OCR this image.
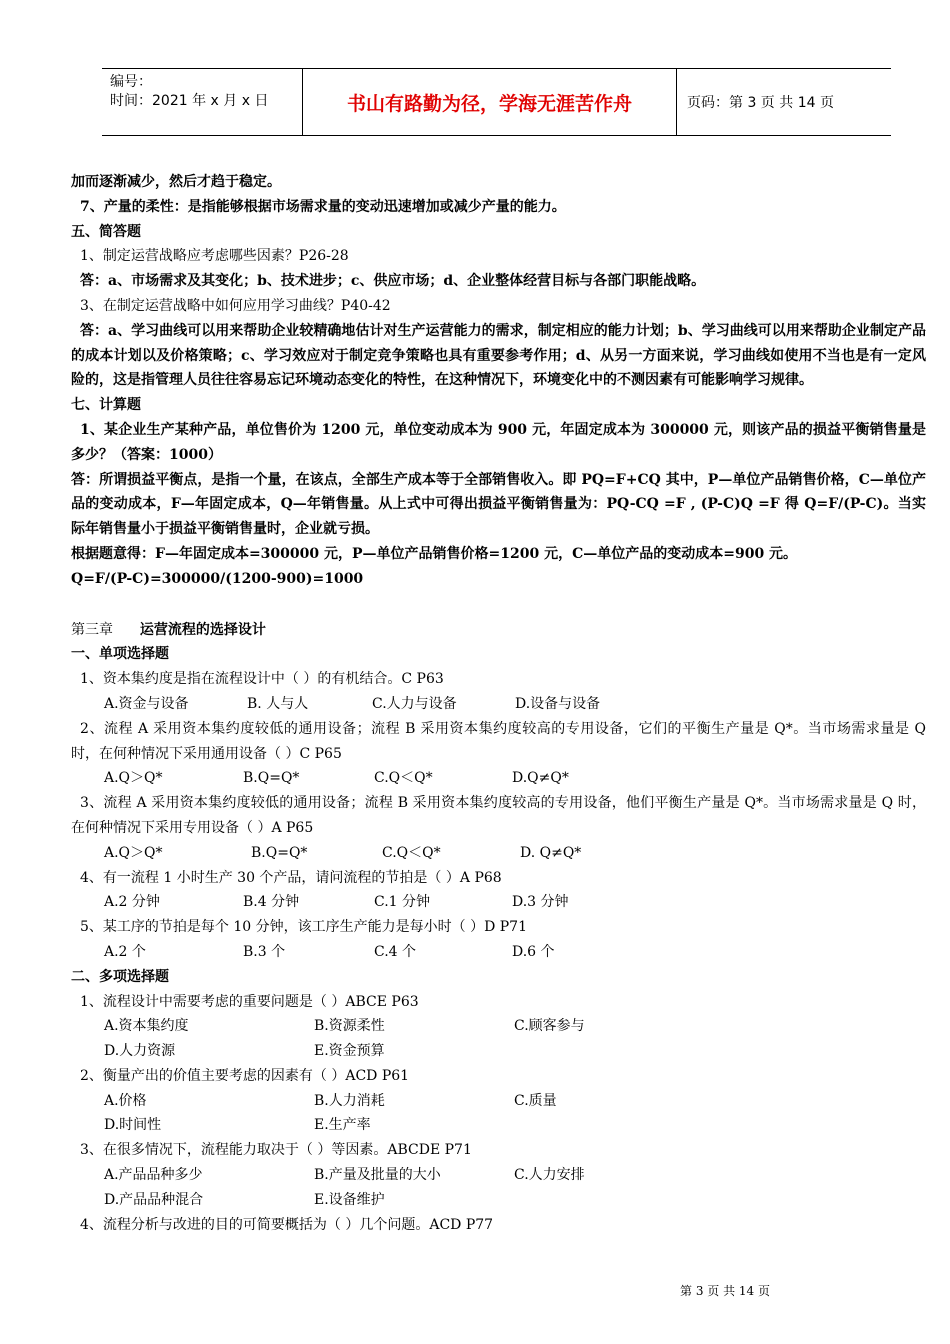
编号：
时间：2021 年 x 月 x 日	书山有路勤为径，学海无涯苦作舟	页码：第 3 页 共 14 页
加而逐渐减少，然后才趋于稳定。
7、产量的柔性：是指能够根据市场需求量的变动迅速增加或减少产量的能力。
五、简答题
1、制定运营战略应考虑哪些因素？P26-28
答：a、市场需求及其变化；b、技术进步；c、供应市场；d、企业整体经营目标与各部门职能战略。
3、在制定运营战略中如何应用学习曲线？P40-42
答：a、学习曲线可以用来帮助企业较精确地估计对生产运营能力的需求，制定相应的能力计划；b、学习曲线可以用来帮助企业制定产品的成本计划以及价格策略；c、学习效应对于制定竞争策略也具有重要参考作用；d、从另一方面来说，学习曲线如使用不当也是有一定风险的，这是指管理人员往往容易忘记环境动态变化的特性，在这种情况下，环境变化中的不测因素有可能影响学习规律。
七、计算题
1、某企业生产某种产品，单位售价为 1200 元，单位变动成本为 900 元，年固定成本为 300000 元，则该产品的损益平衡销售量是多少？（答案：1000）
答：所谓损益平衡点，是指一个量，在该点，全部生产成本等于全部销售收入。即 PQ=F+CQ 其中，P—单位产品销售价格，C—单位产品的变动成本，F—年固定成本，Q—年销售量。从上式中可得出损益平衡销售量为：PQ-CQ =F , (P-C)Q =F 得 Q=F/(P-C)。当实际年销售量小于损益平衡销售量时，企业就亏损。
根据题意得：F—年固定成本=300000 元，P—单位产品销售价格=1200 元，C—单位产品的变动成本=900 元。
Q=F/(P-C)=300000/(1200-900)=1000
第三章 运营流程的选择设计
一、单项选择题
1、资本集约度是指在流程设计中（ ）的有机结合。C P63
A.资金与设备	B. 人与人	C.人力与设备	D.设备与设备
2、流程 A 采用资本集约度较低的通用设备；流程 B 采用资本集约度较高的专用设备，它们的平衡生产量是 Q*。当市场需求量是 Q 时，在何种情况下采用通用设备（ ）C P65
A.Q＞Q*	B.Q=Q*	C.Q＜Q*	D.Q≠Q*
3、流程 A 采用资本集约度较低的通用设备；流程 B 采用资本集约度较高的专用设备，他们平衡生产量是 Q*。当市场需求量是 Q 时，在何种情况下采用专用设备（ ）A P65
A.Q＞Q*	B.Q=Q*	C.Q＜Q*	D. Q≠Q*
4、有一流程 1 小时生产 30 个产品，请问流程的节拍是（ ）A P68
A.2 分钟	B.4 分钟	C.1 分钟	D.3 分钟
5、某工序的节拍是每个 10 分钟，该工序生产能力是每小时（ ）D P71
A.2 个	B.3 个	C.4 个	D.6 个
二、多项选择题
1、流程设计中需要考虑的重要问题是（ ）ABCE P63
A.资本集约度	B.资源柔性	C.顾客参与
D.人力资源	E.资金预算
2、衡量产出的价值主要考虑的因素有（ ）ACD P61
A.价格	B.人力消耗	C.质量
D.时间性	E.生产率
3、在很多情况下，流程能力取决于（ ）等因素。ABCDE P71
A.产品品种多少	B.产量及批量的大小	C.人力安排
D.产品品种混合	E.设备维护
4、流程分析与改进的目的可简要概括为（ ）几个问题。ACD P77
第 3 页 共 14 页
